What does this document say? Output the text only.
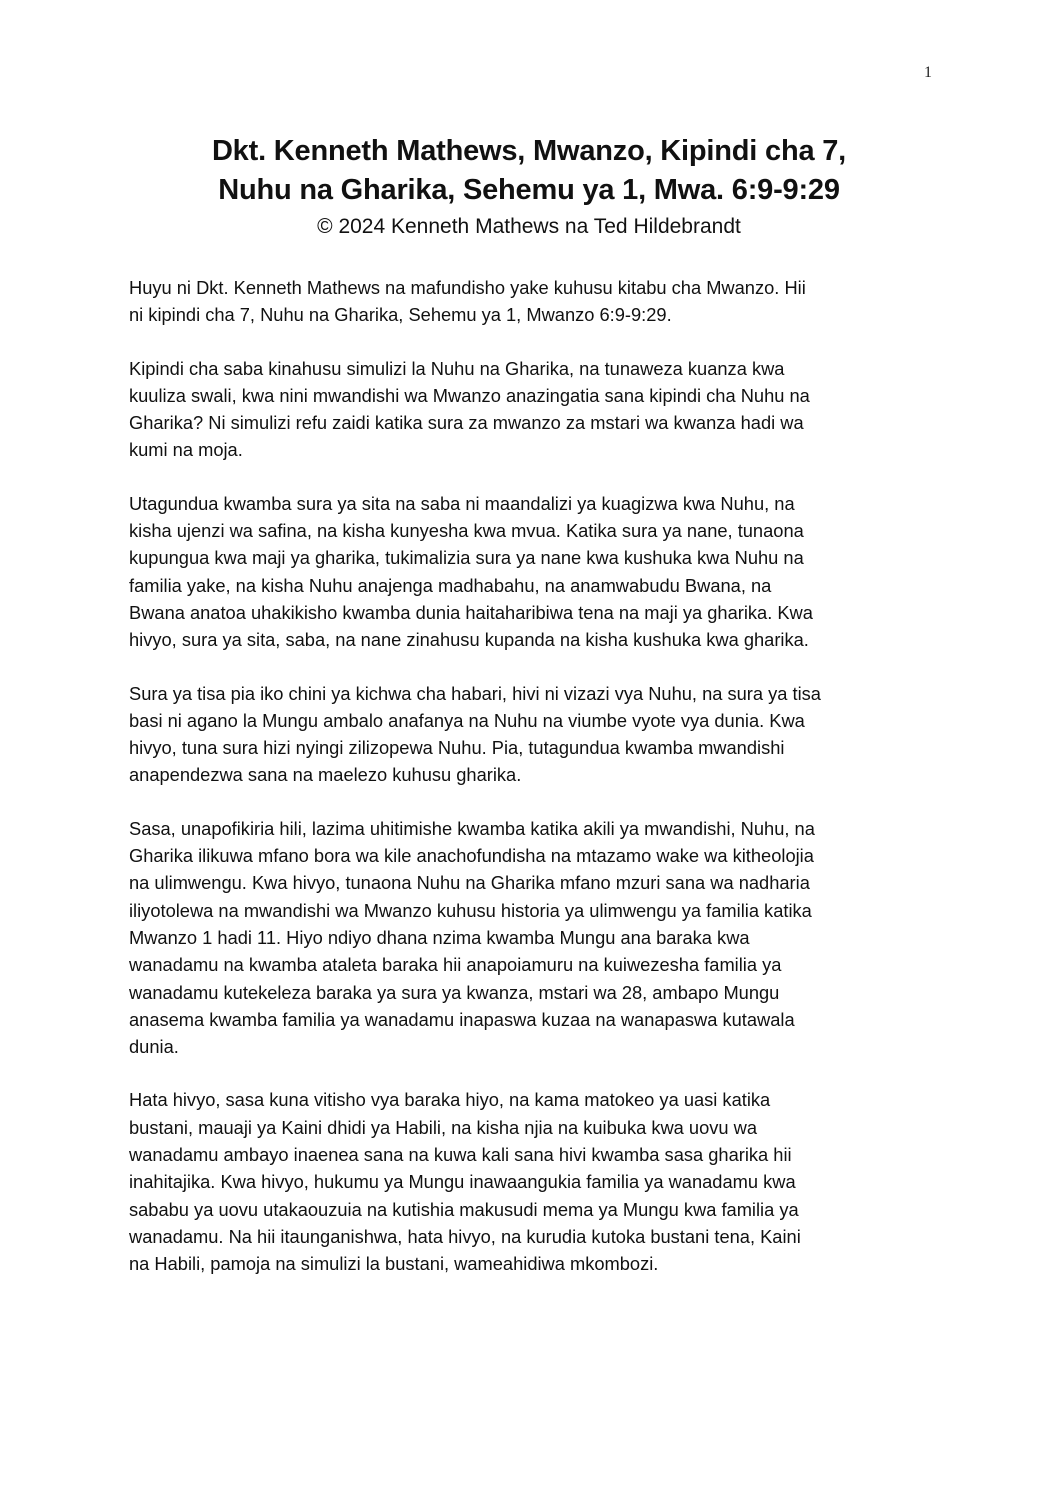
1
Dkt. Kenneth Mathews, Mwanzo, Kipindi cha 7,
Nuhu na Gharika, Sehemu ya 1, Mwa. 6:9-9:29
© 2024 Kenneth Mathews na Ted Hildebrandt

Huyu ni Dkt. Kenneth Mathews na mafundisho yake kuhusu kitabu cha Mwanzo. Hii
ni kipindi cha 7, Nuhu na Gharika, Sehemu ya 1, Mwanzo 6:9-9:29.

Kipindi cha saba kinahusu simulizi la Nuhu na Gharika, na tunaweza kuanza kwa
kuuliza swali, kwa nini mwandishi wa Mwanzo anazingatia sana kipindi cha Nuhu na
Gharika? Ni simulizi refu zaidi katika sura za mwanzo za mstari wa kwanza hadi wa
kumi na moja.

Utagundua kwamba sura ya sita na saba ni maandalizi ya kuagizwa kwa Nuhu, na
kisha ujenzi wa safina, na kisha kunyesha kwa mvua. Katika sura ya nane, tunaona
kupungua kwa maji ya gharika, tukimalizia sura ya nane kwa kushuka kwa Nuhu na
familia yake, na kisha Nuhu anajenga madhabahu, na anamwabudu Bwana, na
Bwana anatoa uhakikisho kwamba dunia haitaharibiwa tena na maji ya gharika. Kwa
hivyo, sura ya sita, saba, na nane zinahusu kupanda na kisha kushuka kwa gharika.

Sura ya tisa pia iko chini ya kichwa cha habari, hivi ni vizazi vya Nuhu, na sura ya tisa
basi ni agano la Mungu ambalo anafanya na Nuhu na viumbe vyote vya dunia. Kwa
hivyo, tuna sura hizi nyingi zilizopewa Nuhu. Pia, tutagundua kwamba mwandishi
anapendezwa sana na maelezo kuhusu gharika.

Sasa, unapofikiria hili, lazima uhitimishe kwamba katika akili ya mwandishi, Nuhu, na
Gharika ilikuwa mfano bora wa kile anachofundisha na mtazamo wake wa kitheolojia
na ulimwengu. Kwa hivyo, tunaona Nuhu na Gharika mfano mzuri sana wa nadharia
iliyotolewa na mwandishi wa Mwanzo kuhusu historia ya ulimwengu ya familia katika
Mwanzo 1 hadi 11. Hiyo ndiyo dhana nzima kwamba Mungu ana baraka kwa
wanadamu na kwamba ataleta baraka hii anapoiamuru na kuiwezesha familia ya
wanadamu kutekeleza baraka ya sura ya kwanza, mstari wa 28, ambapo Mungu
anasema kwamba familia ya wanadamu inapaswa kuzaa na wanapaswa kutawala
dunia.

Hata hivyo, sasa kuna vitisho vya baraka hiyo, na kama matokeo ya uasi katika
bustani, mauaji ya Kaini dhidi ya Habili, na kisha njia na kuibuka kwa uovu wa
wanadamu ambayo inaenea sana na kuwa kali sana hivi kwamba sasa gharika hii
inahitajika. Kwa hivyo, hukumu ya Mungu inawaangukia familia ya wanadamu kwa
sababu ya uovu utakaouzuia na kutishia makusudi mema ya Mungu kwa familia ya
wanadamu. Na hii itaunganishwa, hata hivyo, na kurudia kutoka bustani tena, Kaini
na Habili, pamoja na simulizi la bustani, wameahidiwa mkombozi.
